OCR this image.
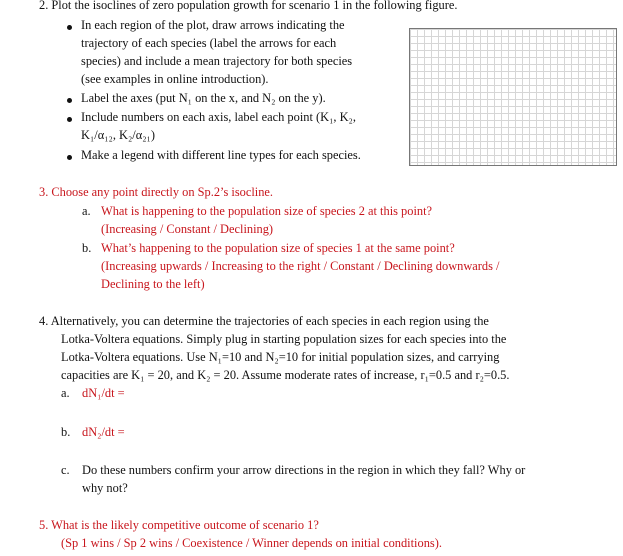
2. Plot the isoclines of zero population growth for scenario 1 in the following figure.
In each region of the plot, draw arrows indicating the
trajectory of each species (label the arrows for each
species) and include a mean trajectory for both species
(see examples in online introduction).
Label the axes (put N₁ on the x, and N₂ on the y).
Include numbers on each axis, label each point (K₁, K₂,
K₁/α₁₂, K₂/α₂₁)
Make a legend with different line types for each species.
3. Choose any point directly on Sp.2’s isocline.
a. What is happening to the population size of species 2 at this point?
(Increasing / Constant / Declining)
b. What’s happening to the population size of species 1 at the same point?
(Increasing upwards / Increasing to the right / Constant / Declining downwards /
Declining to the left)
4. Alternatively, you can determine the trajectories of each species in each region using the
Lotka-Voltera equations. Simply plug in starting population sizes for each species into the
Lotka-Voltera equations. Use N₁=10 and N₂=10 for initial population sizes, and carrying
capacities are K₁ = 20, and K₂ = 20. Assume moderate rates of increase, r₁=0.5 and r₂=0.5.
a. dN₁/dt =
b. dN₂/dt =
c. Do these numbers confirm your arrow directions in the region in which they fall? Why or
why not?
5. What is the likely competitive outcome of scenario 1?
(Sp 1 wins / Sp 2 wins / Coexistence / Winner depends on initial conditions).
